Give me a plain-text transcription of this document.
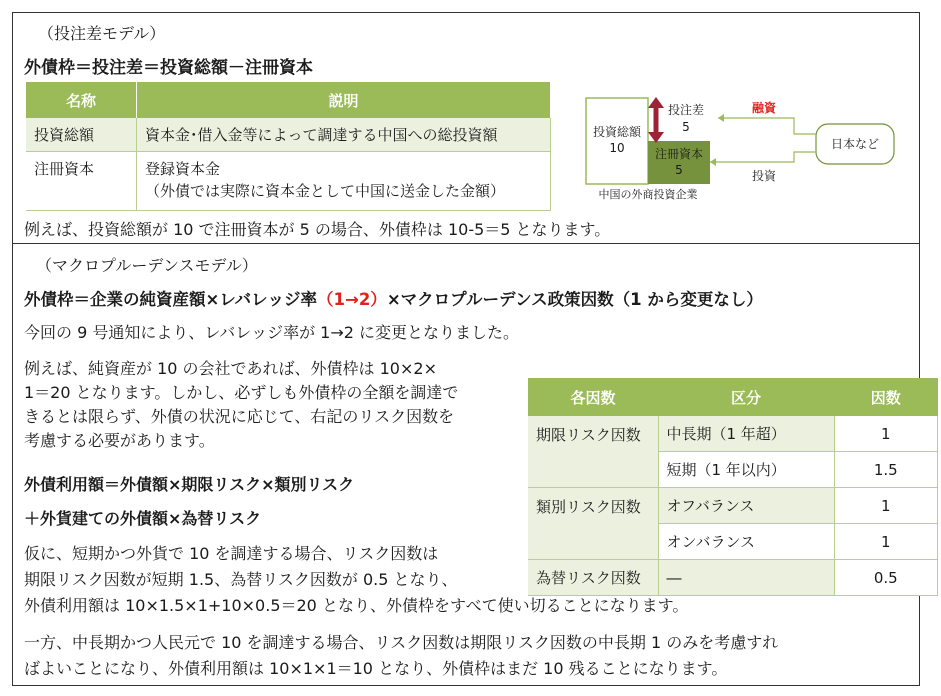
（投注差モデル）
外債枠＝投注差＝投資総額－注冊資本
名称	説明
投資総額	資本金･借入金等によって調達する中国への総投資額
注冊資本	登録資本金
（外債では実際に資本金として中国に送金した金額）
投資総額
10	注冊資本
5
投注差
5
中国の外商投資企業
日本など
融資
投資
例えば、投資総額が 10 で注冊資本が 5 の場合、外債枠は 10-5＝5 となります。
（マクロプルーデンスモデル）
外債枠＝企業の純資産額×レバレッジ率（1→2）×マクロプルーデンス政策因数（1 から変更なし）
今回の 9 号通知により、レバレッジ率が 1→2 に変更となりました。
例えば、純資産が 10 の会社であれば、外債枠は 10×2×
1＝20 となります。しかし、必ずしも外債枠の全額を調達で
きるとは限らず、外債の状況に応じて、右記のリスク因数を
考慮する必要があります。
外債利用額＝外債額×期限リスク×類別リスク
＋外貨建ての外債額×為替リスク
仮に、短期かつ外貨で 10 を調達する場合、リスク因数は
期限リスク因数が短期 1.5、為替リスク因数が 0.5 となり、
外債利用額は 10×1.5×1+10×0.5＝20 となり、外債枠をすべて使い切ることになります。
一方、中長期かつ人民元で 10 を調達する場合、リスク因数は期限リスク因数の中長期 1 のみを考慮すれ
ばよいことになり、外債利用額は 10×1×1＝10 となり、外債枠はまだ 10 残ることになります。
各因数	区分	因数
期限リスク因数	中長期（1 年超）	1
	短期（1 年以内）	1.5
類別リスク因数	オフバランス	1
	オンバランス	1
為替リスク因数	―	0.5
